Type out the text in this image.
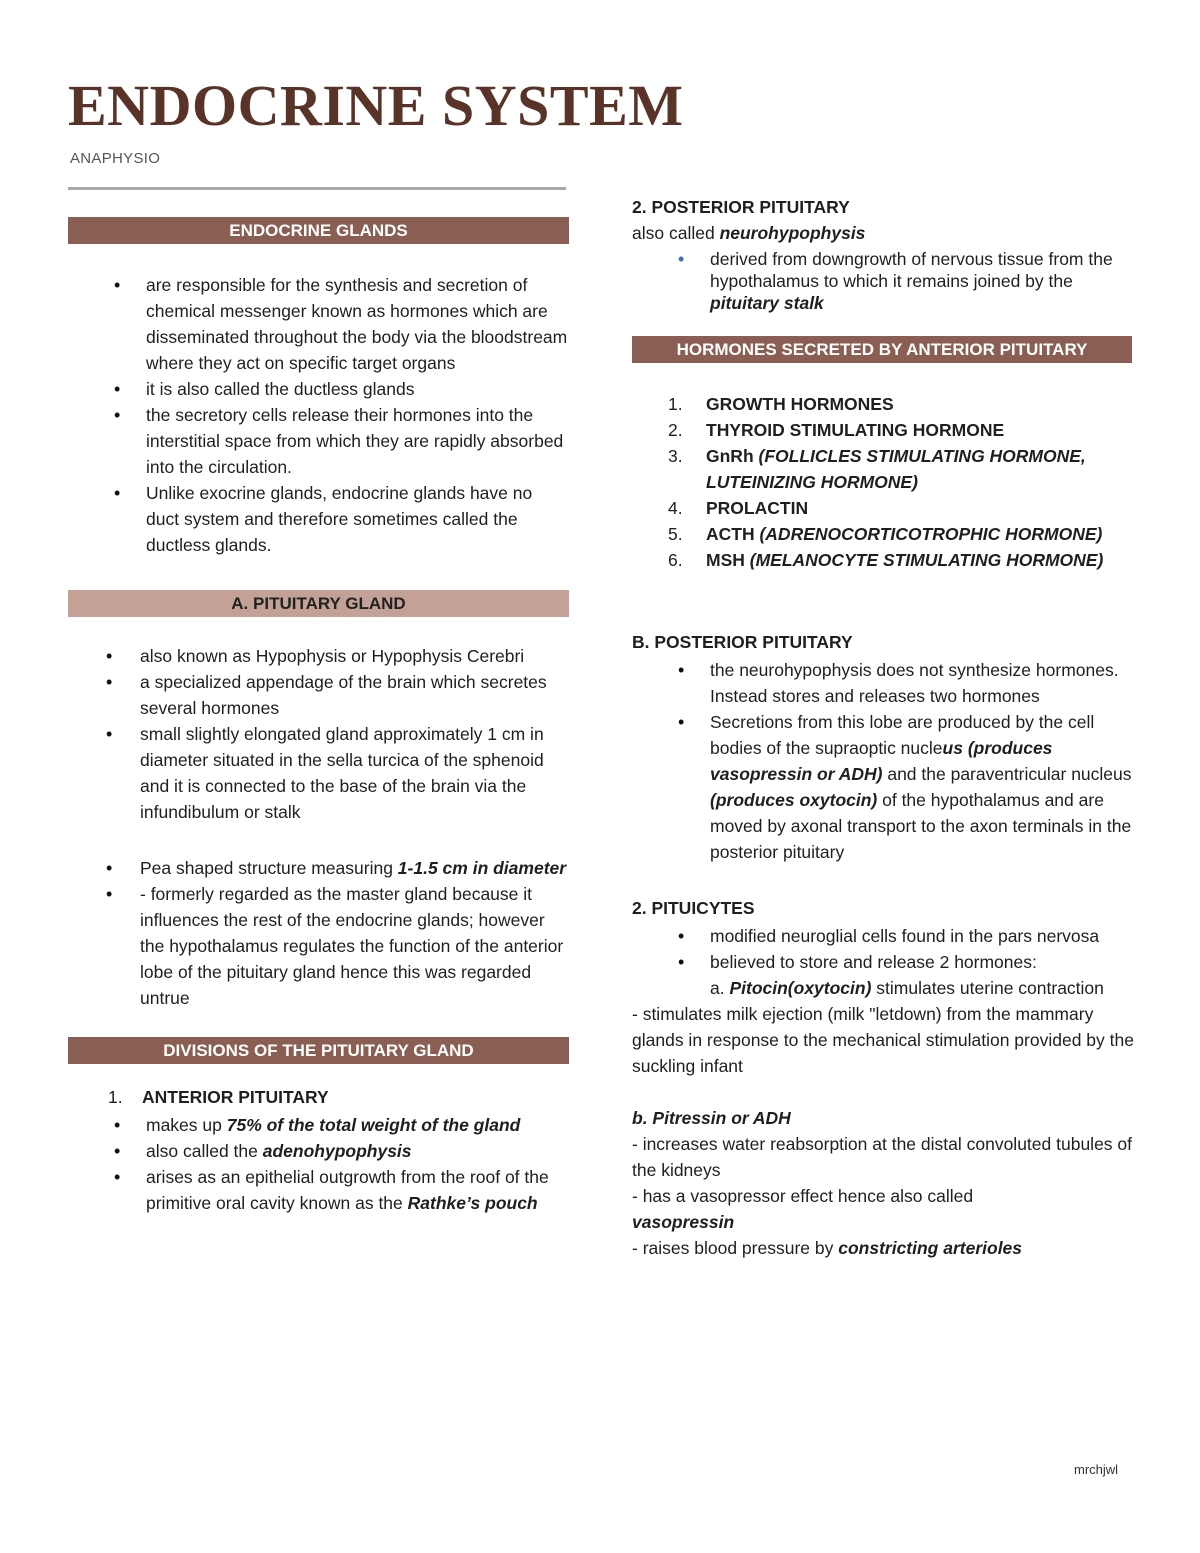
ENDOCRINE SYSTEM
ANAPHYSIO
ENDOCRINE GLANDS
• are responsible for the synthesis and secretion of chemical messenger known as hormones which are disseminated throughout the body via the bloodstream where they act on specific target organs
• it is also called the ductless glands
• the secretory cells release their hormones into the interstitial space from which they are rapidly absorbed into the circulation.
• Unlike exocrine glands, endocrine glands have no duct system and therefore sometimes called the ductless glands.
A. PITUITARY GLAND
• also known as Hypophysis or Hypophysis Cerebri
• a specialized appendage of the brain which secretes several hormones
• small slightly elongated gland approximately 1 cm in diameter situated in the sella turcica of the sphenoid and it is connected to the base of the brain via the infundibulum or stalk
• Pea shaped structure measuring 1-1.5 cm in diameter
• - formerly regarded as the master gland because it influences the rest of the endocrine glands; however the hypothalamus regulates the function of the anterior lobe of the pituitary gland hence this was regarded untrue
DIVISIONS OF THE PITUITARY GLAND
1. ANTERIOR PITUITARY
• makes up 75% of the total weight of the gland
• also called the adenohypophysis
• arises as an epithelial outgrowth from the roof of the primitive oral cavity known as the Rathke’s pouch
2. POSTERIOR PITUITARY
also called neurohypophysis
• derived from downgrowth of nervous tissue from the hypothalamus to which it remains joined by the pituitary stalk
HORMONES SECRETED BY ANTERIOR PITUITARY
1. GROWTH HORMONES
2. THYROID STIMULATING HORMONE
3. GnRh (FOLLICLES STIMULATING HORMONE, LUTEINIZING HORMONE)
4. PROLACTIN
5. ACTH (ADRENOCORTICOTROPHIC HORMONE)
6. MSH (MELANOCYTE STIMULATING HORMONE)
B. POSTERIOR PITUITARY
• the neurohypophysis does not synthesize hormones. Instead stores and releases two hormones
• Secretions from this lobe are produced by the cell bodies of the supraoptic nucleus (produces vasopressin or ADH) and the paraventricular nucleus (produces oxytocin) of the hypothalamus and are moved by axonal transport to the axon terminals in the posterior pituitary
2. PITUICYTES
• modified neuroglial cells found in the pars nervosa
• believed to store and release 2 hormones:
a. Pitocin(oxytocin) stimulates uterine contraction

- stimulates milk ejection (milk "letdown) from the mammary glands in response to the mechanical stimulation provided by the suckling infant

b. Pitressin or ADH

- increases water reabsorption at the distal convoluted tubules of the kidneys

- has a vasopressor effect hence also called
vasopressin

- raises blood pressure by constricting arterioles

mrchjwl
